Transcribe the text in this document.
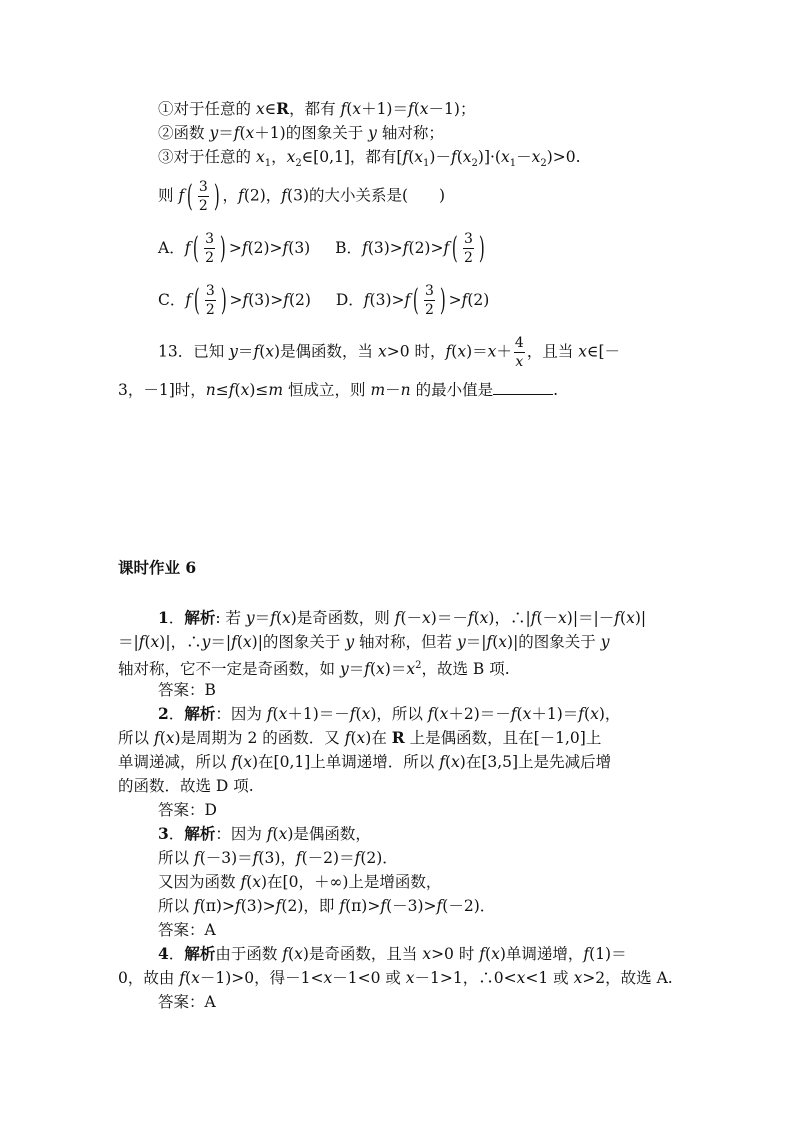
①对于任意的 x∈R，都有 f(x＋1)＝f(x－1)；
②函数 y＝f(x＋1)的图象关于 y 轴对称；
③对于任意的 $x_1$，$x_2\in[0,1]$，都有$[f(x_1)-f(x_2)]\cdot(x_1-x_2)>0$.
则 $f( \frac{3}{2}$ ) ，f(2)，f(3)的大小关系是(　　)
A．$f( \frac{3}{2}$ ) >f(2)>f(3) B．$f(3)>f(2)>f( \frac{3}{2}$ )
C．$f( \frac{3}{2}$ ) >f(3)>f(2) D．$f(3)>f( \frac{3}{2}$ ) >f(2)
13．已知 y＝f(x)是偶函数，当 x>0 时，$f(x)=x+ \frac{4}{x}$ ，且当 x∈[－
3，－1]时，n≤f(x)≤m 恒成立，则 m－n 的最小值是	.
课时作业 6
1．解析: 若 y＝f(x)是奇函数，则 f(－x)＝－f(x)，∴|f(－x)|＝|－f(x)|
＝|f(x)|，∴y＝|f(x)|的图象关于 y 轴对称，但若 y＝|f(x)|的图象关于 y
轴对称，它不一定是奇函数，如 $y=f(x)=x^2$，故选 B 项.
答案：B
2．解析：因为 f(x＋1)＝－f(x)，所以 f(x＋2)＝－f(x＋1)＝f(x)，
所以 f(x)是周期为 2 的函数．又 f(x)在 R 上是偶函数，且在[－1,0]上
单调递减，所以 f(x)在[0,1]上单调递增．所以 f(x)在[3,5]上是先减后增
的函数．故选 D 项.
答案：D
3．解析：因为 f(x)是偶函数，
所以 f(－3)＝f(3)，f(－2)＝f(2)．
又因为函数 f(x)在[0，＋∞)上是增函数，
所以 f(π)>f(3)>f(2)，即 f(π)>f(－3)>f(－2)．
答案：A
4．解析由于函数 f(x)是奇函数，且当 x>0 时 f(x)单调递增，f(1)＝
0，故由 f(x－1)>0，得－1<x－1<0 或 x－1>1，∴0<x<1 或 x>2，故选 A.
答案：A
